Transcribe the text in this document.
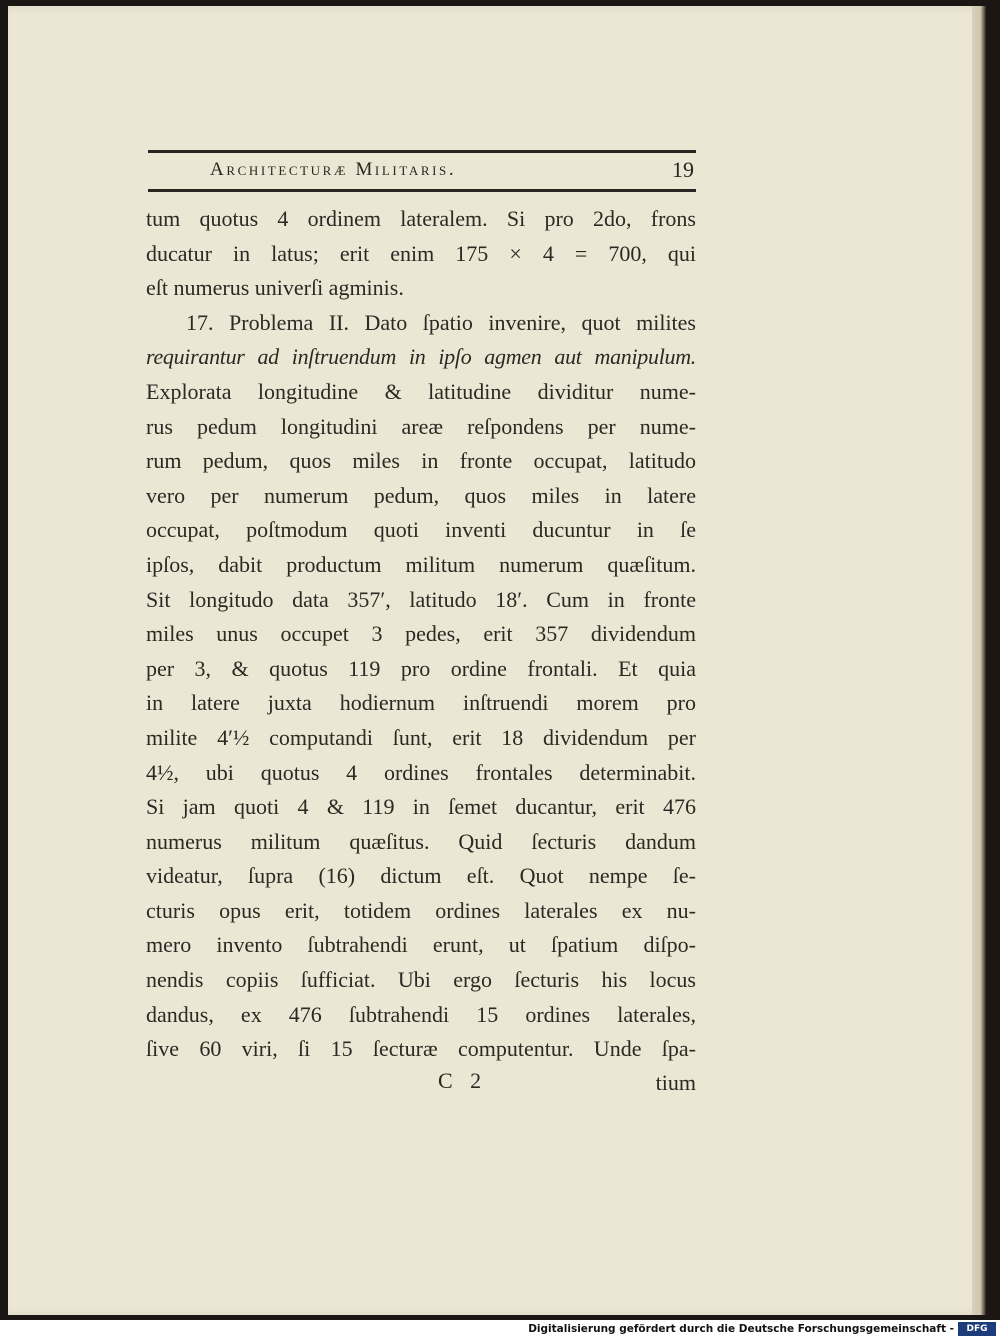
Architecturæ Militaris.	19
tum quotus 4 ordinem lateralem. Si pro 2do, frons
ducatur in latus; erit enim 175 × 4 = 700, qui
eſt numerus univerſi agminis.
17. Problema II. Dato ſpatio invenire, quot milites
requirantur ad inſtruendum in ipſo agmen aut manipulum.
Explorata longitudine & latitudine dividitur nume-
rus pedum longitudini areæ reſpondens per nume-
rum pedum, quos miles in fronte occupat, latitudo
vero per numerum pedum, quos miles in latere
occupat, poſtmodum quoti inventi ducuntur in ſe
ipſos, dabit productum militum numerum quæſitum.
Sit longitudo data 357′, latitudo 18′. Cum in fronte
miles unus occupet 3 pedes, erit 357 dividendum
per 3, & quotus 119 pro ordine frontali. Et quia
in latere juxta hodiernum inſtruendi morem pro
milite 4′½ computandi ſunt, erit 18 dividendum per
4½, ubi quotus 4 ordines frontales determinabit.
Si jam quoti 4 & 119 in ſemet ducantur, erit 476
numerus militum quæſitus. Quid ſecturis dandum
videatur, ſupra (16) dictum eſt. Quot nempe ſe-
cturis opus erit, totidem ordines laterales ex nu-
mero invento ſubtrahendi erunt, ut ſpatium diſpo-
nendis copiis ſufficiat. Ubi ergo ſecturis his locus
dandus, ex 476 ſubtrahendi 15 ordines laterales,
ſive 60 viri, ſi 15 ſecturæ computentur. Unde ſpa-
C 2	tium
Digitalisierung gefördert durch die Deutsche Forschungsgemeinschaft -	DFG
